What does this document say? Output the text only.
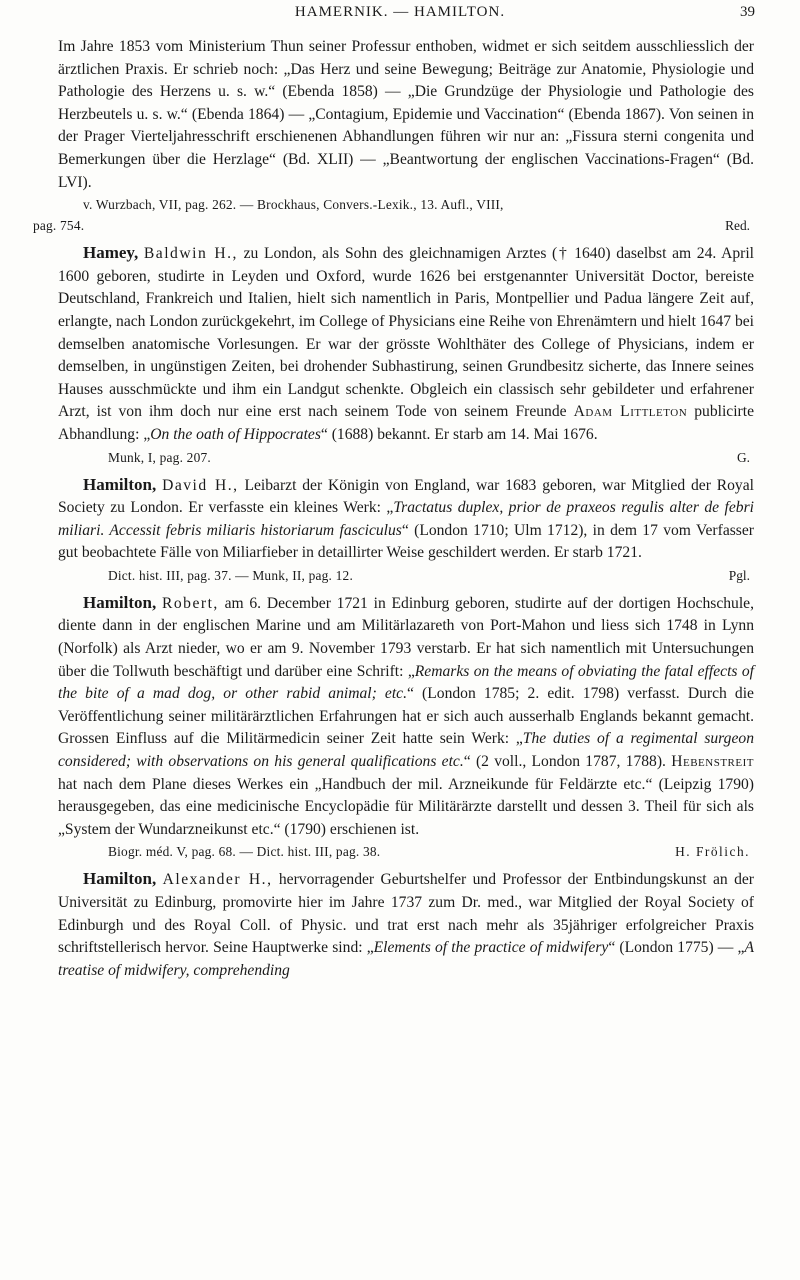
HAMERNIK. — HAMILTON.	39

Im Jahre 1853 vom Ministerium Thun seiner Professur enthoben, widmet er sich seitdem ausschliesslich der ärztlichen Praxis. Er schrieb noch: „Das Herz und seine Bewegung; Beiträge zur Anatomie, Physiologie und Pathologie des Herzens u. s. w.“ (Ebenda 1858) — „Die Grundzüge der Physiologie und Pathologie des Herzbeutels u. s. w.“ (Ebenda 1864) — „Contagium, Epidemie und Vaccination“ (Ebenda 1867). Von seinen in der Prager Vierteljahresschrift erschienenen Abhandlungen führen wir nur an: „Fissura sterni congenita und Bemerkungen über die Herzlage“ (Bd. XLII) — „Beantwortung der englischen Vaccinations-Fragen“ (Bd. LVI).

v. Wurzbach, VII, pag. 262. — Brockhaus, Convers.-Lexik., 13. Aufl., VIII,
pag. 754.	Red.

Hamey, Baldwin H., zu London, als Sohn des gleichnamigen Arztes († 1640) daselbst am 24. April 1600 geboren, studirte in Leyden und Oxford, wurde 1626 bei erstgenannter Universität Doctor, bereiste Deutschland, Frankreich und Italien, hielt sich namentlich in Paris, Montpellier und Padua längere Zeit auf, erlangte, nach London zurückgekehrt, im College of Physicians eine Reihe von Ehrenämtern und hielt 1647 bei demselben anatomische Vorlesungen. Er war der grösste Wohlthäter des College of Physicians, indem er demselben, in ungünstigen Zeiten, bei drohender Subhastirung, seinen Grundbesitz sicherte, das Innere seines Hauses ausschmückte und ihm ein Landgut schenkte. Obgleich ein classisch sehr gebildeter und erfahrener Arzt, ist von ihm doch nur eine erst nach seinem Tode von seinem Freunde Adam Littleton publicirte Abhandlung: „On the oath of Hippocrates“ (1688) bekannt. Er starb am 14. Mai 1676.

Munk, I, pag. 207.	G.

Hamilton, David H., Leibarzt der Königin von England, war 1683 geboren, war Mitglied der Royal Society zu London. Er verfasste ein kleines Werk: „Tractatus duplex, prior de praxeos regulis alter de febri miliari. Accessit febris miliaris historiarum fasciculus“ (London 1710; Ulm 1712), in dem 17 vom Verfasser gut beobachtete Fälle von Miliarfieber in detaillirter Weise geschildert werden. Er starb 1721.

Dict. hist. III, pag. 37. — Munk, II, pag. 12.	Pgl.

Hamilton, Robert, am 6. December 1721 in Edinburg geboren, studirte auf der dortigen Hochschule, diente dann in der englischen Marine und am Militärlazareth von Port-Mahon und liess sich 1748 in Lynn (Norfolk) als Arzt nieder, wo er am 9. November 1793 verstarb. Er hat sich namentlich mit Untersuchungen über die Tollwuth beschäftigt und darüber eine Schrift: „Remarks on the means of obviating the fatal effects of the bite of a mad dog, or other rabid animal; etc.“ (London 1785; 2. edit. 1798) verfasst. Durch die Veröffentlichung seiner militärärztlichen Erfahrungen hat er sich auch ausserhalb Englands bekannt gemacht. Grossen Einfluss auf die Militärmedicin seiner Zeit hatte sein Werk: „The duties of a regimental surgeon considered; with observations on his general qualifications etc.“ (2 voll., London 1787, 1788). Hebenstreit hat nach dem Plane dieses Werkes ein „Handbuch der mil. Arzneikunde für Feldärzte etc.“ (Leipzig 1790) herausgegeben, das eine medicinische Encyclopädie für Militärärzte darstellt und dessen 3. Theil für sich als „System der Wundarzneikunst etc.“ (1790) erschienen ist.

Biogr. méd. V, pag. 68. — Dict. hist. III, pag. 38.	H. Frölich.

Hamilton, Alexander H., hervorragender Geburtshelfer und Professor der Entbindungskunst an der Universität zu Edinburg, promovirte hier im Jahre 1737 zum Dr. med., war Mitglied der Royal Society of Edinburgh und des Royal Coll. of Physic. und trat erst nach mehr als 35jähriger erfolgreicher Praxis schriftstellerisch hervor. Seine Hauptwerke sind: „Elements of the practice of midwifery“ (London 1775) — „A treatise of midwifery, comprehending
